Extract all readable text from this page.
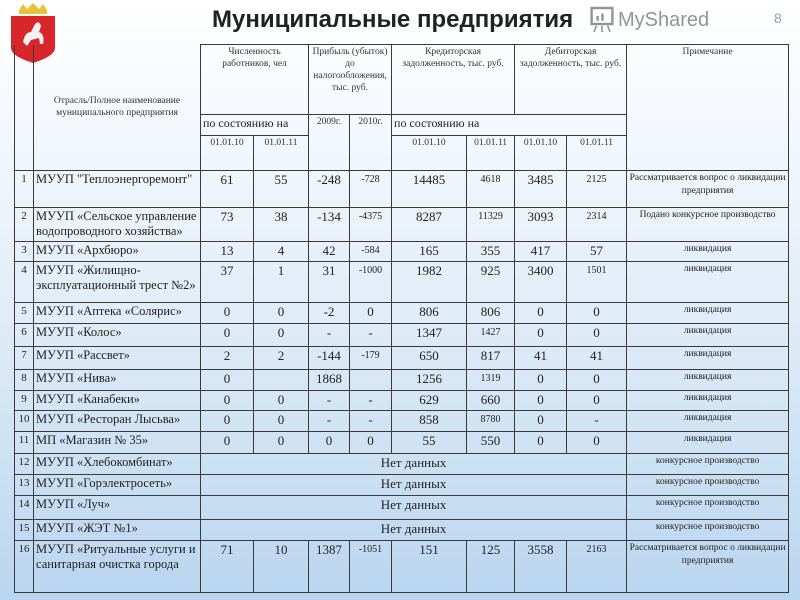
Муниципальные предприятия
	Отрасль/Полное наименование муниципального предприятия	Численность работников, чел		Прибыль (убыток) до налогообложения, тыс. руб.		Кредиторская задолженность, тыс. руб.		Дебиторская задолженность, тыс. руб.		Примечание
		по состоянию на		2009г.	2010г.	по состоянию на				
		01.01.10	01.01.11			01.01.10	01.01.11	01.01.10	01.01.11	
1	МУУП "Теплоэнергоремонт"	61	55	-248	-728	14485	4618	3485	2125	Рассматривается вопрос о ликвидации предприятия
2	МУУП «Сельское управление водопроводного хозяйства»	73	38	-134	-4375	8287	11329	3093	2314	Подано конкурсное производство
3	МУУП «Архбюро»	13	4	42	-584	165	355	417	57	ликвидация
4	МУУП «Жилищно-эксплуатационный трест №2»	37	1	31	-1000	1982	925	3400	1501	ликвидация
5	МУУП «Аптека «Солярис»	0	0	-2	0	806	806	0	0	ликвидация
6	МУУП «Колос»	0	0	-	-	1347	1427	0	0	ликвидация
7	МУУП «Рассвет»	2	2	-144	-179	650	817	41	41	ликвидация
8	МУУП «Нива»	0		1868		1256	1319	0	0	ликвидация
9	МУУП «Канабеки»	0	0	-	-	629	660	0	0	ликвидация
10	МУУП «Ресторан Лысьва»	0	0	-	-	858	8780	0	-	ликвидация
11	МП «Магазин № 35»	0	0	0	0	55	550	0	0	ликвидация
12	МУУП «Хлебокомбинат»	Нет данных								конкурсное производство
13	МУУП «Горэлектросеть»	Нет данных								конкурсное производство
14	МУУП «Луч»	Нет данных								конкурсное производство
15	МУУП «ЖЭТ №1»	Нет данных								конкурсное производство
16	МУУП «Ритуальные услуги и санитарная очистка города	71	10	1387	-1051	151	125	3558	2163	Рассматривается вопрос о ликвидации предприятия
MyShared	8
